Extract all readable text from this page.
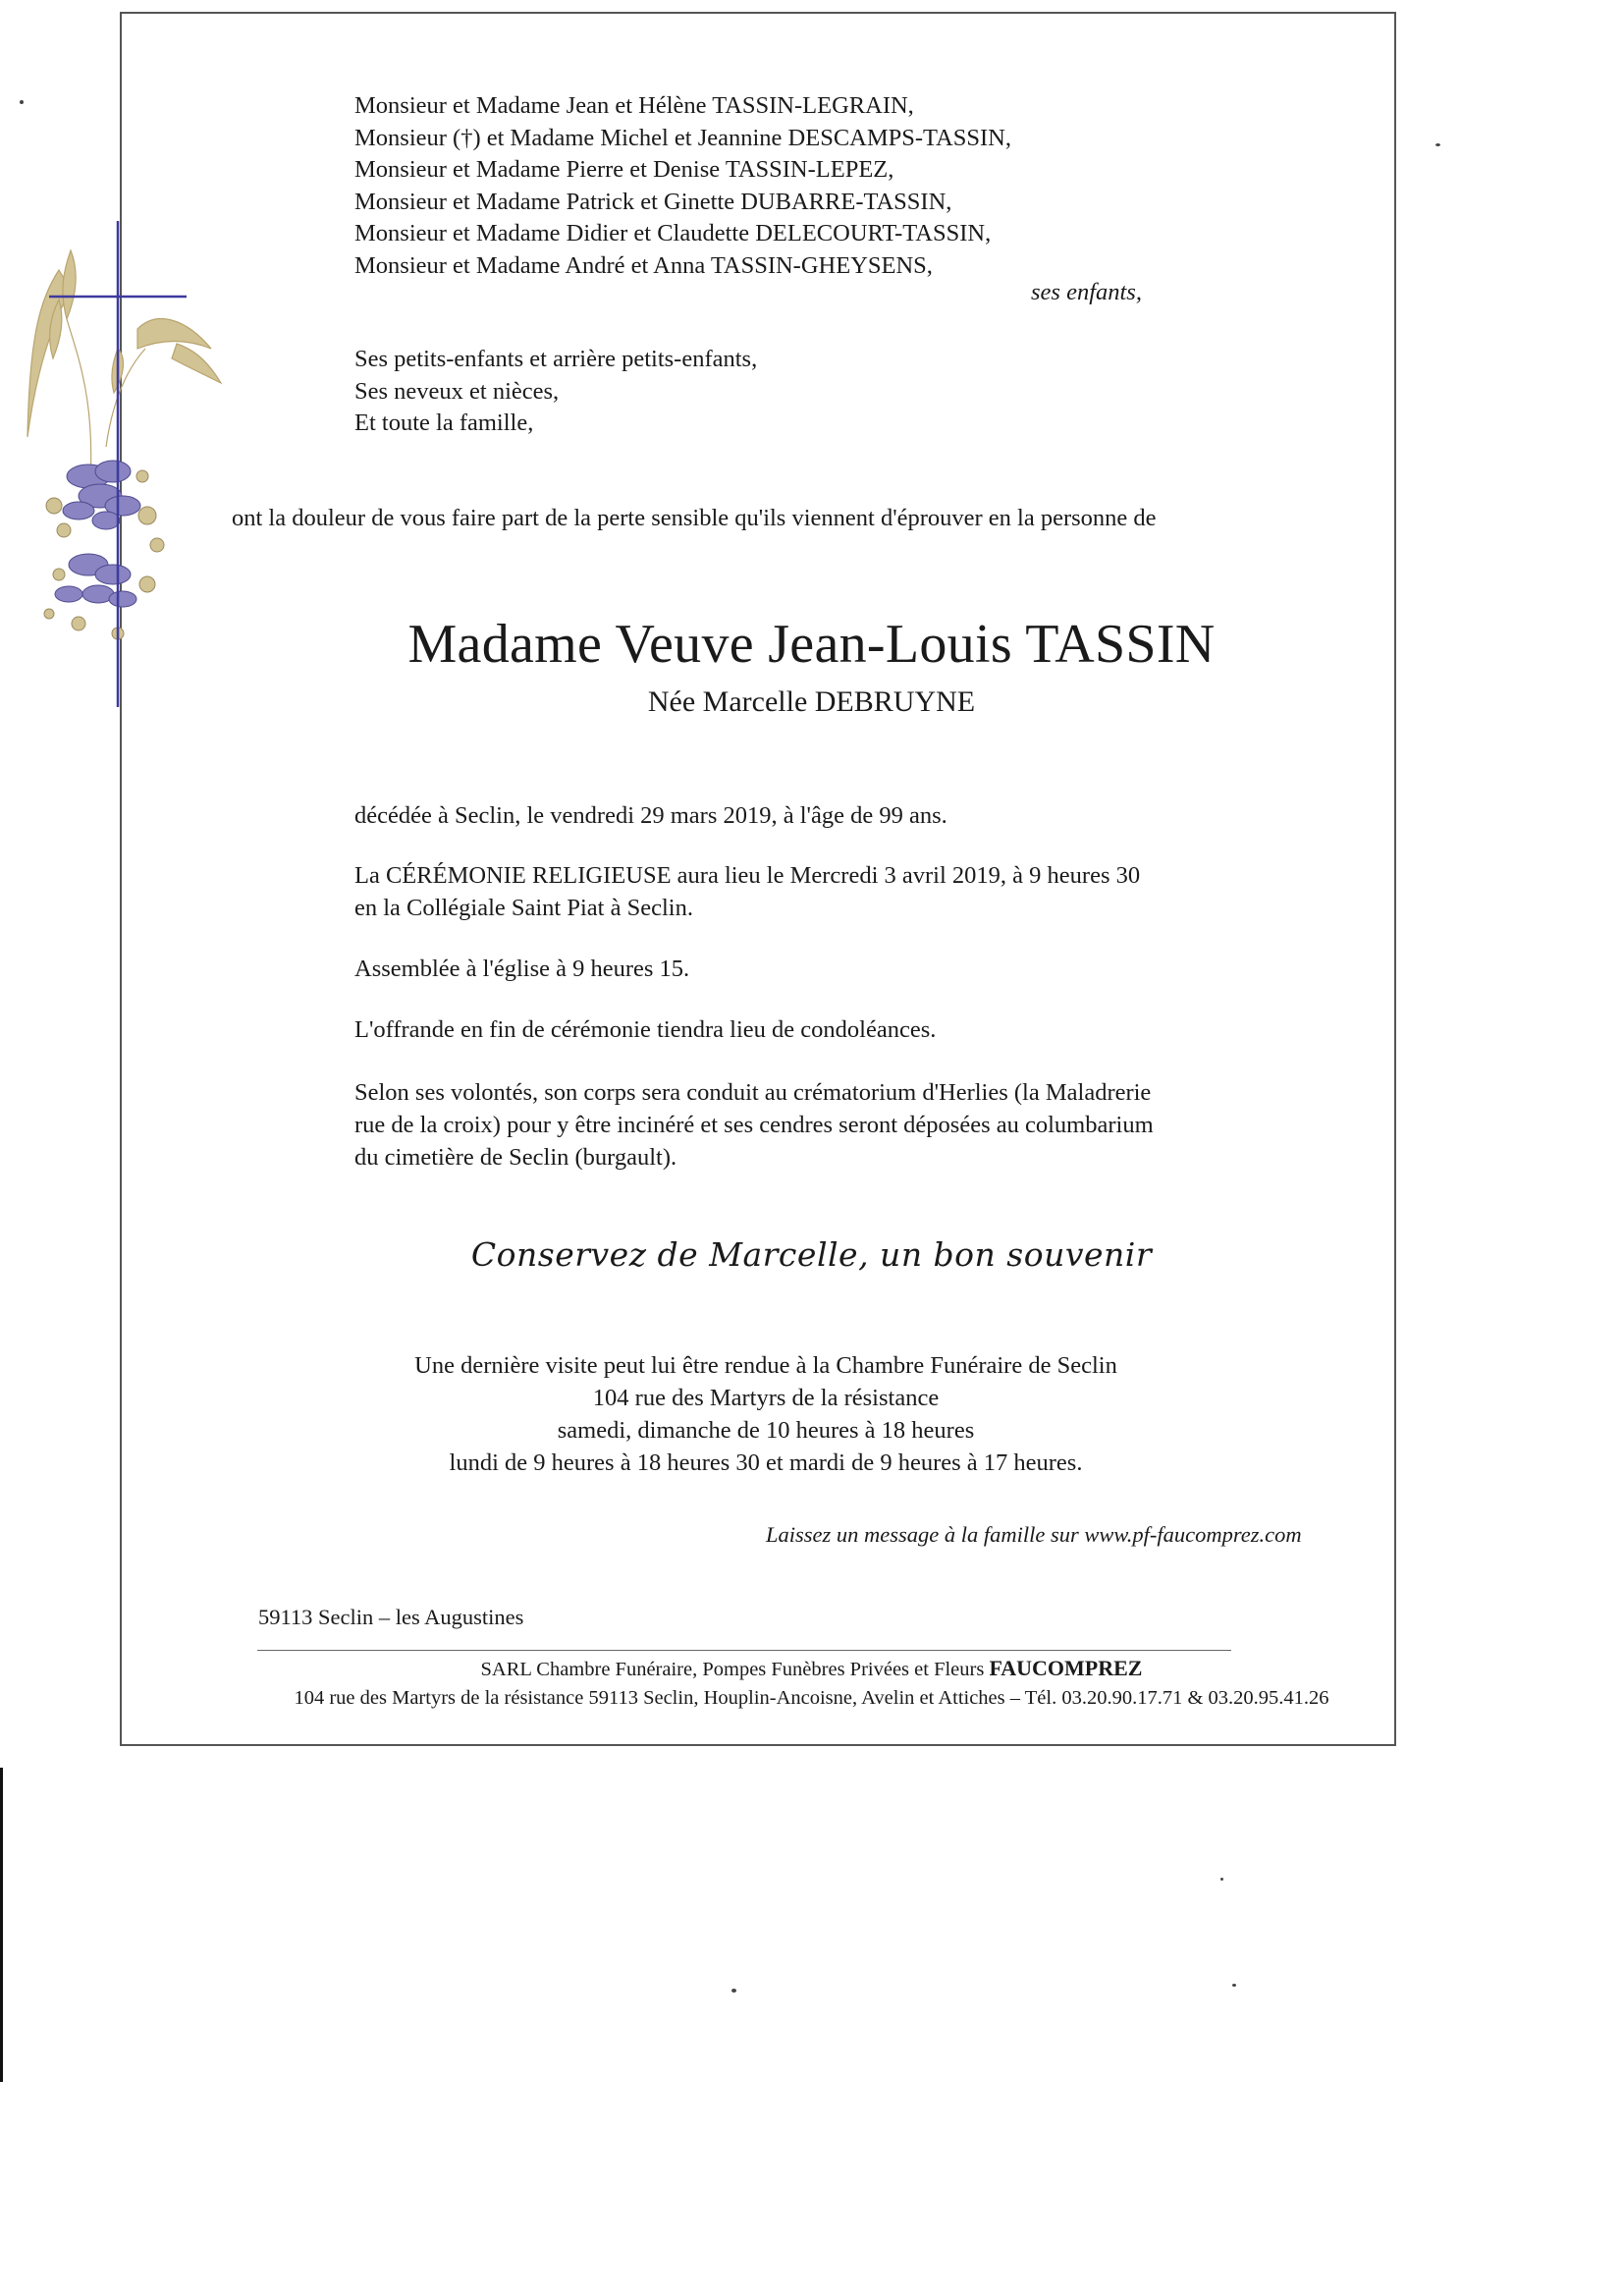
Monsieur et Madame Jean et Hélène TASSIN-LEGRAIN,
Monsieur (†) et Madame Michel et Jeannine DESCAMPS-TASSIN,
Monsieur et Madame Pierre et Denise TASSIN-LEPEZ,
Monsieur et Madame Patrick et Ginette DUBARRE-TASSIN,
Monsieur et Madame Didier et Claudette DELECOURT-TASSIN,
Monsieur et Madame André et Anna TASSIN-GHEYSENS,
ses enfants,
Ses petits-enfants et arrière petits-enfants,
Ses neveux et nièces,
Et toute la famille,
ont la douleur de vous faire part de la perte sensible qu'ils viennent d'éprouver en la personne de
Madame Veuve Jean-Louis TASSIN
Née Marcelle DEBRUYNE
décédée à Seclin, le vendredi 29 mars 2019, à l'âge de 99 ans.
La CÉRÉMONIE RELIGIEUSE aura lieu le Mercredi 3 avril 2019, à 9 heures 30
en la Collégiale Saint Piat à Seclin.
Assemblée à l'église à 9 heures 15.
L'offrande en fin de cérémonie tiendra lieu de condoléances.
Selon ses volontés, son corps sera conduit au crématorium d'Herlies (la Maladrerie
rue de la croix) pour y être incinéré et ses cendres seront déposées au columbarium
du cimetière de Seclin (burgault).
Conservez de Marcelle, un bon souvenir
Une dernière visite peut lui être rendue à la Chambre Funéraire de Seclin
104 rue des Martyrs de la résistance
samedi, dimanche de 10 heures à 18 heures
lundi de 9 heures à 18 heures 30 et mardi de 9 heures à 17 heures.
Laissez un message à la famille sur www.pf-faucomprez.com
59113 Seclin – les Augustines
SARL Chambre Funéraire, Pompes Funèbres Privées et Fleurs FAUCOMPREZ
104 rue des Martyrs de la résistance 59113 Seclin, Houplin-Ancoisne, Avelin et Attiches – Tél. 03.20.90.17.71 & 03.20.95.41.26
